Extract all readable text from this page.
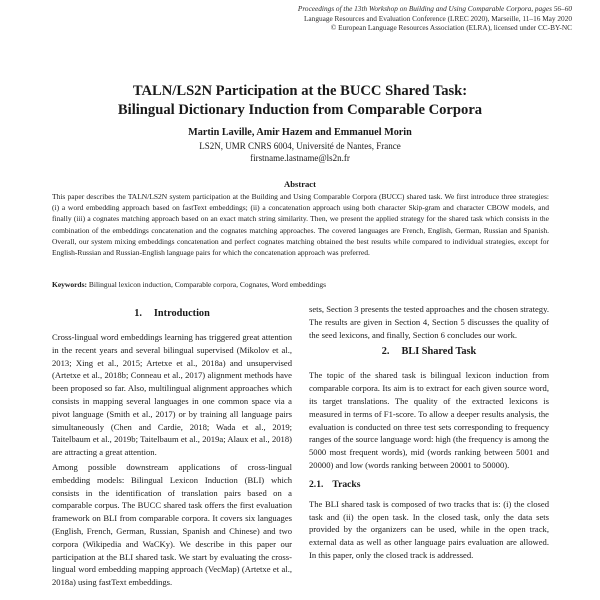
Proceedings of the 13th Workshop on Building and Using Comparable Corpora, pages 56–60
Language Resources and Evaluation Conference (LREC 2020), Marseille, 11–16 May 2020
© European Language Resources Association (ELRA), licensed under CC-BY-NC
TALN/LS2N Participation at the BUCC Shared Task:
Bilingual Dictionary Induction from Comparable Corpora
Martin Laville, Amir Hazem and Emmanuel Morin
LS2N, UMR CNRS 6004, Université de Nantes, France
firstname.lastname@ls2n.fr
Abstract

This paper describes the TALN/LS2N system participation at the Building and Using Comparable Corpora (BUCC) shared task. We first introduce three strategies: (i) a word embedding approach based on fastText embeddings; (ii) a concatenation approach using both character Skip-gram and character CBOW models, and finally (iii) a cognates matching approach based on an exact match string similarity. Then, we present the applied strategy for the shared task which consists in the combination of the embeddings concatenation and the cognates matching approaches. The covered languages are French, English, German, Russian and Spanish. Overall, our system mixing embeddings concatenation and perfect cognates matching obtained the best results while compared to individual strategies, except for English-Russian and Russian-English language pairs for which the concatenation approach was preferred.

Keywords: Bilingual lexicon induction, Comparable corpora, Cognates, Word embeddings

1. Introduction

Cross-lingual word embeddings learning has triggered great attention in the recent years and several bilingual supervised (Mikolov et al., 2013; Xing et al., 2015; Artetxe et al., 2018a) and unsupervised (Artetxe et al., 2018b; Conneau et al., 2017) alignment methods have been proposed so far. Also, multilingual alignment approaches which consists in mapping several languages in one common space via a pivot language (Smith et al., 2017) or by training all language pairs simultaneously (Chen and Cardie, 2018; Wada et al., 2019; Taitelbaum et al., 2019b; Taitelbaum et al., 2019a; Alaux et al., 2018) are attracting a great attention.

Among possible downstream applications of cross-lingual embedding models: Bilingual Lexicon Induction (BLI) which consists in the identification of translation pairs based on a comparable corpus. The BUCC shared task offers the first evaluation framework on BLI from comparable corpora. It covers six languages (English, French, German, Russian, Spanish and Chinese) and two corpora (Wikipedia and WaCKy). We describe in this paper our participation at the BLI shared task. We start by evaluating the cross-lingual word embedding mapping approach (VecMap) (Artetxe et al., 2018a) using fastText embeddings.

sets, Section 3 presents the tested approaches and the chosen strategy. The results are given in Section 4, Section 5 discusses the quality of the seed lexicons, and finally, Section 6 concludes our work.

2. BLI Shared Task

The topic of the shared task is bilingual lexicon induction from comparable corpora. Its aim is to extract for each given source word, its target translations. The quality of the extracted lexicons is measured in terms of F1-score. To allow a deeper results analysis, the evaluation is conducted on three test sets corresponding to frequency ranges of the source language word: high (the frequency is among the 5000 most frequent words), mid (words ranking between 5001 and 20000) and low (words ranking between 20001 to 50000).

2.1. Tracks

The BLI shared task is composed of two tracks that is: (i) the closed task and (ii) the open task. In the closed task, only the data sets provided by the organizers can be used, while in the open track, external data as well as other language pairs evaluation are allowed. In this paper, only the closed track is addressed.
